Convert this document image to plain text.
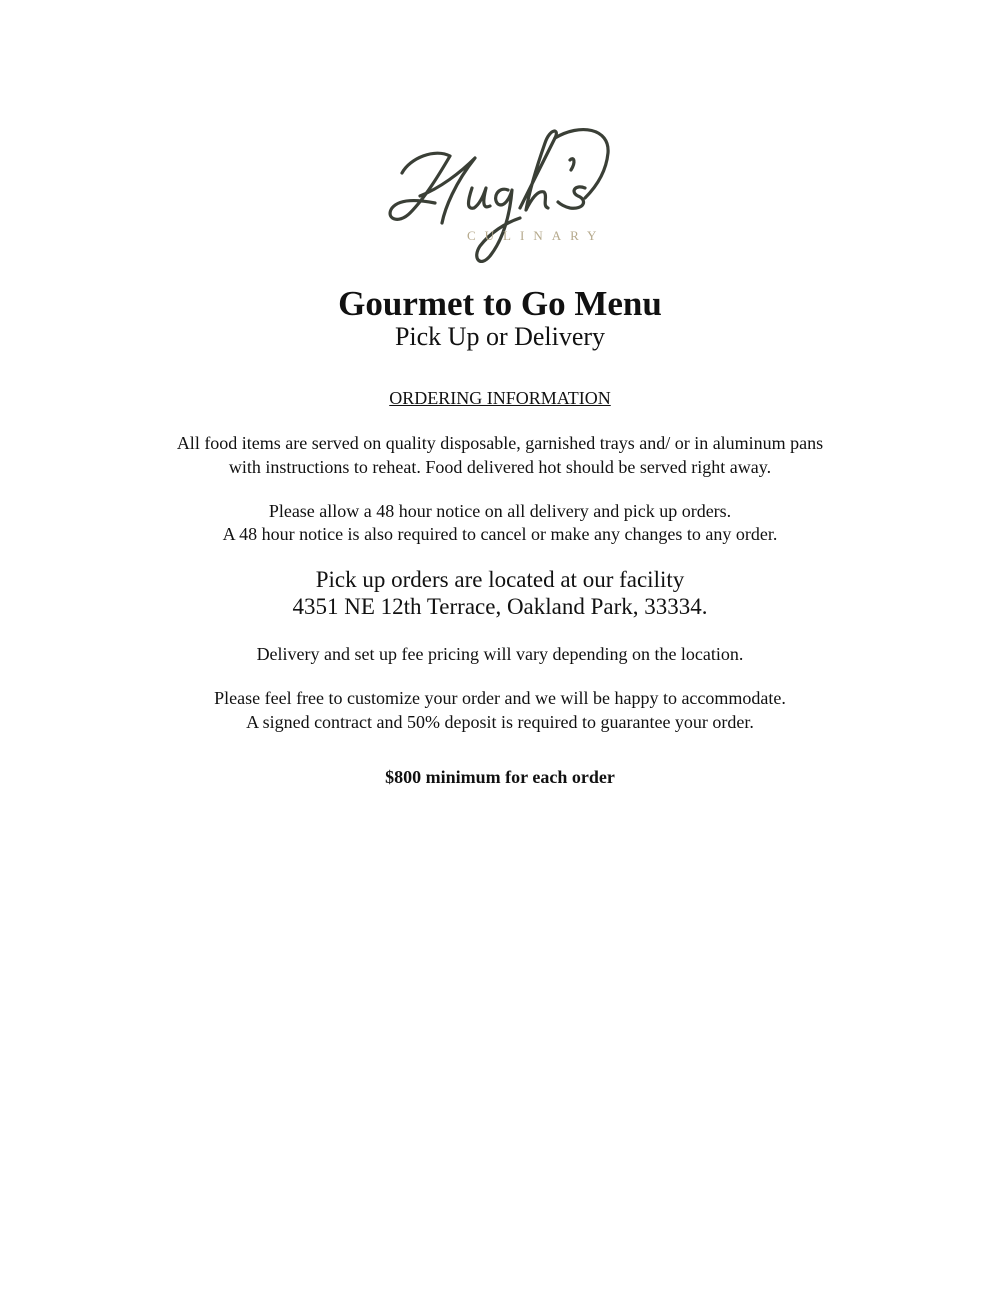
CULINARY
Gourmet to Go Menu
Pick Up or Delivery
ORDERING INFORMATION
All food items are served on quality disposable, garnished trays and/ or in aluminum pans
with instructions to reheat. Food delivered hot should be served right away.
Please allow a 48 hour notice on all delivery and pick up orders.
A 48 hour notice is also required to cancel or make any changes to any order.
Pick up orders are located at our facility
4351 NE 12th Terrace, Oakland Park, 33334.
Delivery and set up fee pricing will vary depending on the location.
Please feel free to customize your order and we will be happy to accommodate.
A signed contract and 50% deposit is required to guarantee your order.
$800 minimum for each order
